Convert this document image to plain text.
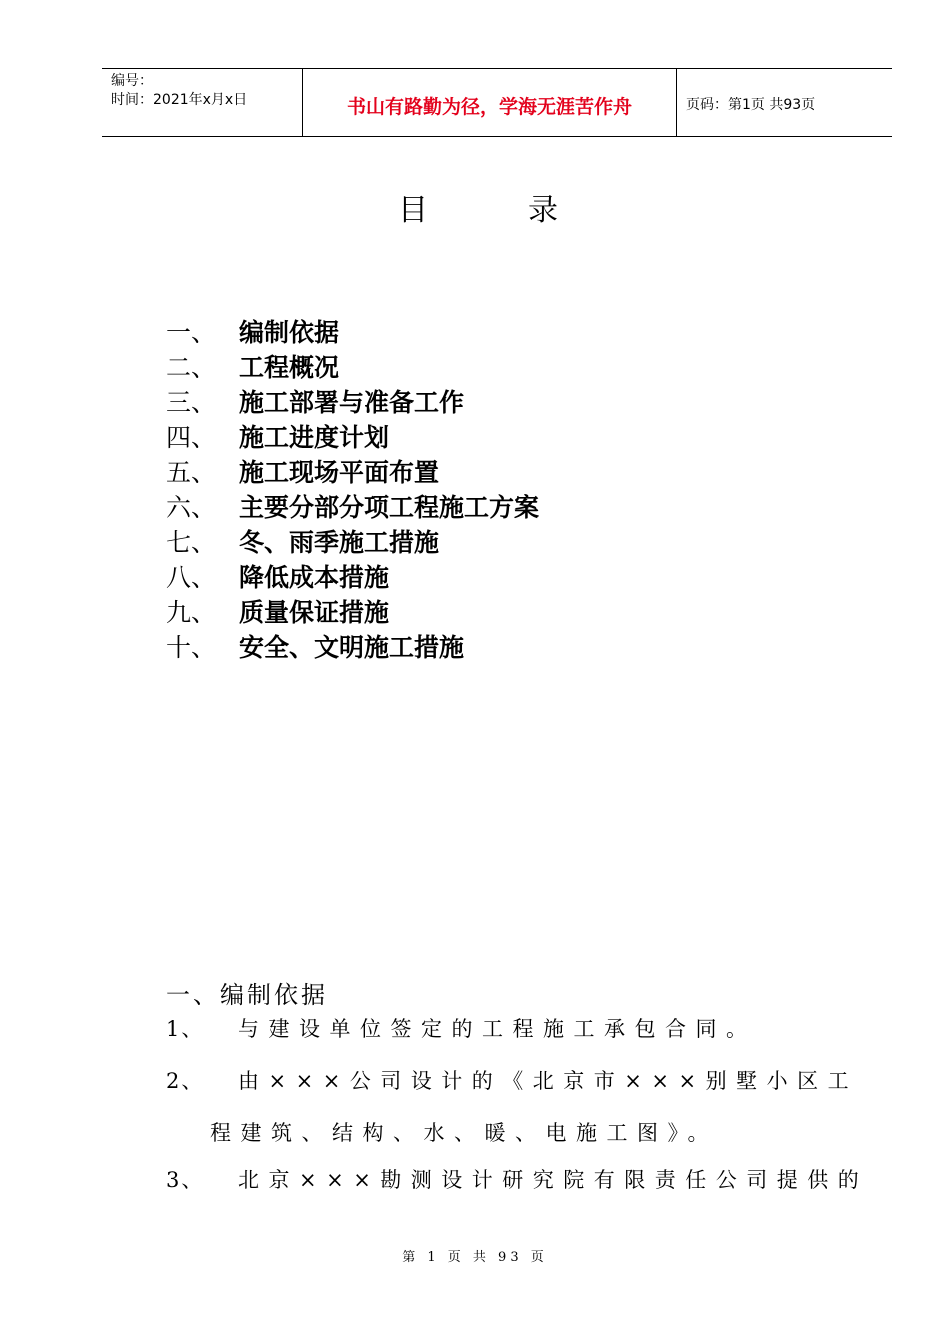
编号：
时间：2021年x月x日	书山有路勤为径，学海无涯苦作舟	页码：第1页 共93页
目录
一、 编制依据
二、 工程概况
三、 施工部署与准备工作
四、 施工进度计划
五、 施工现场平面布置
六、 主要分部分项工程施工方案
七、 冬、雨季施工措施
八、 降低成本措施
九、 质量保证措施
十、 安全、文明施工措施
一、编制依据
1、 与建设单位签定的工程施工承包合同。
2、 由×××公司设计的《北京市×××别墅小区工
程建筑、结构、水、暖、电施工图》。
3、 北京×××勘测设计研究院有限责任公司提供的
第 1 页 共 93 页
